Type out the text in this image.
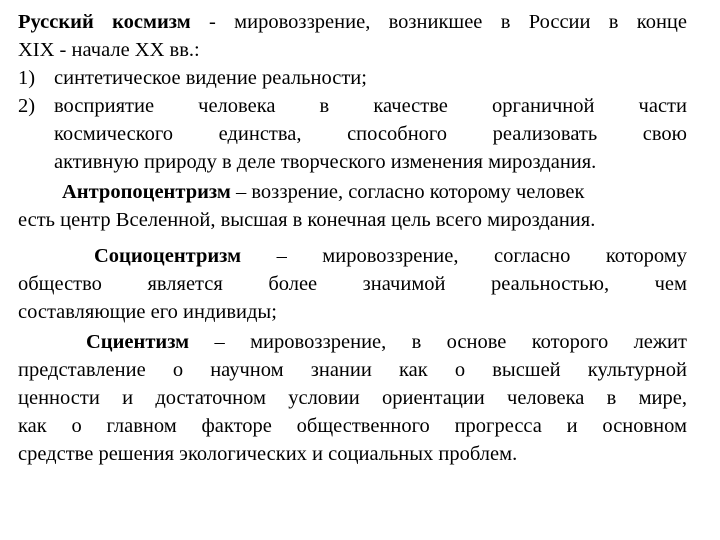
Русский космизм - мировоззрение, возникшее в России в конце
XIX - начале XX вв.:
1) синтетическое видение реальности;
2) восприятие человека в качестве органичной части
космического единства, способного реализовать свою
активную природу в деле творческого изменения мироздания.
Антропоцентризм – воззрение, согласно которому человек
есть центр Вселенной, высшая в конечная цель всего мироздания.
Социоцентризм – мировоззрение, согласно которому
общество является более значимой реальностью, чем
составляющие его индивиды;
Сциентизм – мировоззрение, в основе которого лежит
представление о научном знании как о высшей культурной
ценности и достаточном условии ориентации человека в мире,
как о главном факторе общественного прогресса и основном
средстве решения экологических и социальных проблем.
